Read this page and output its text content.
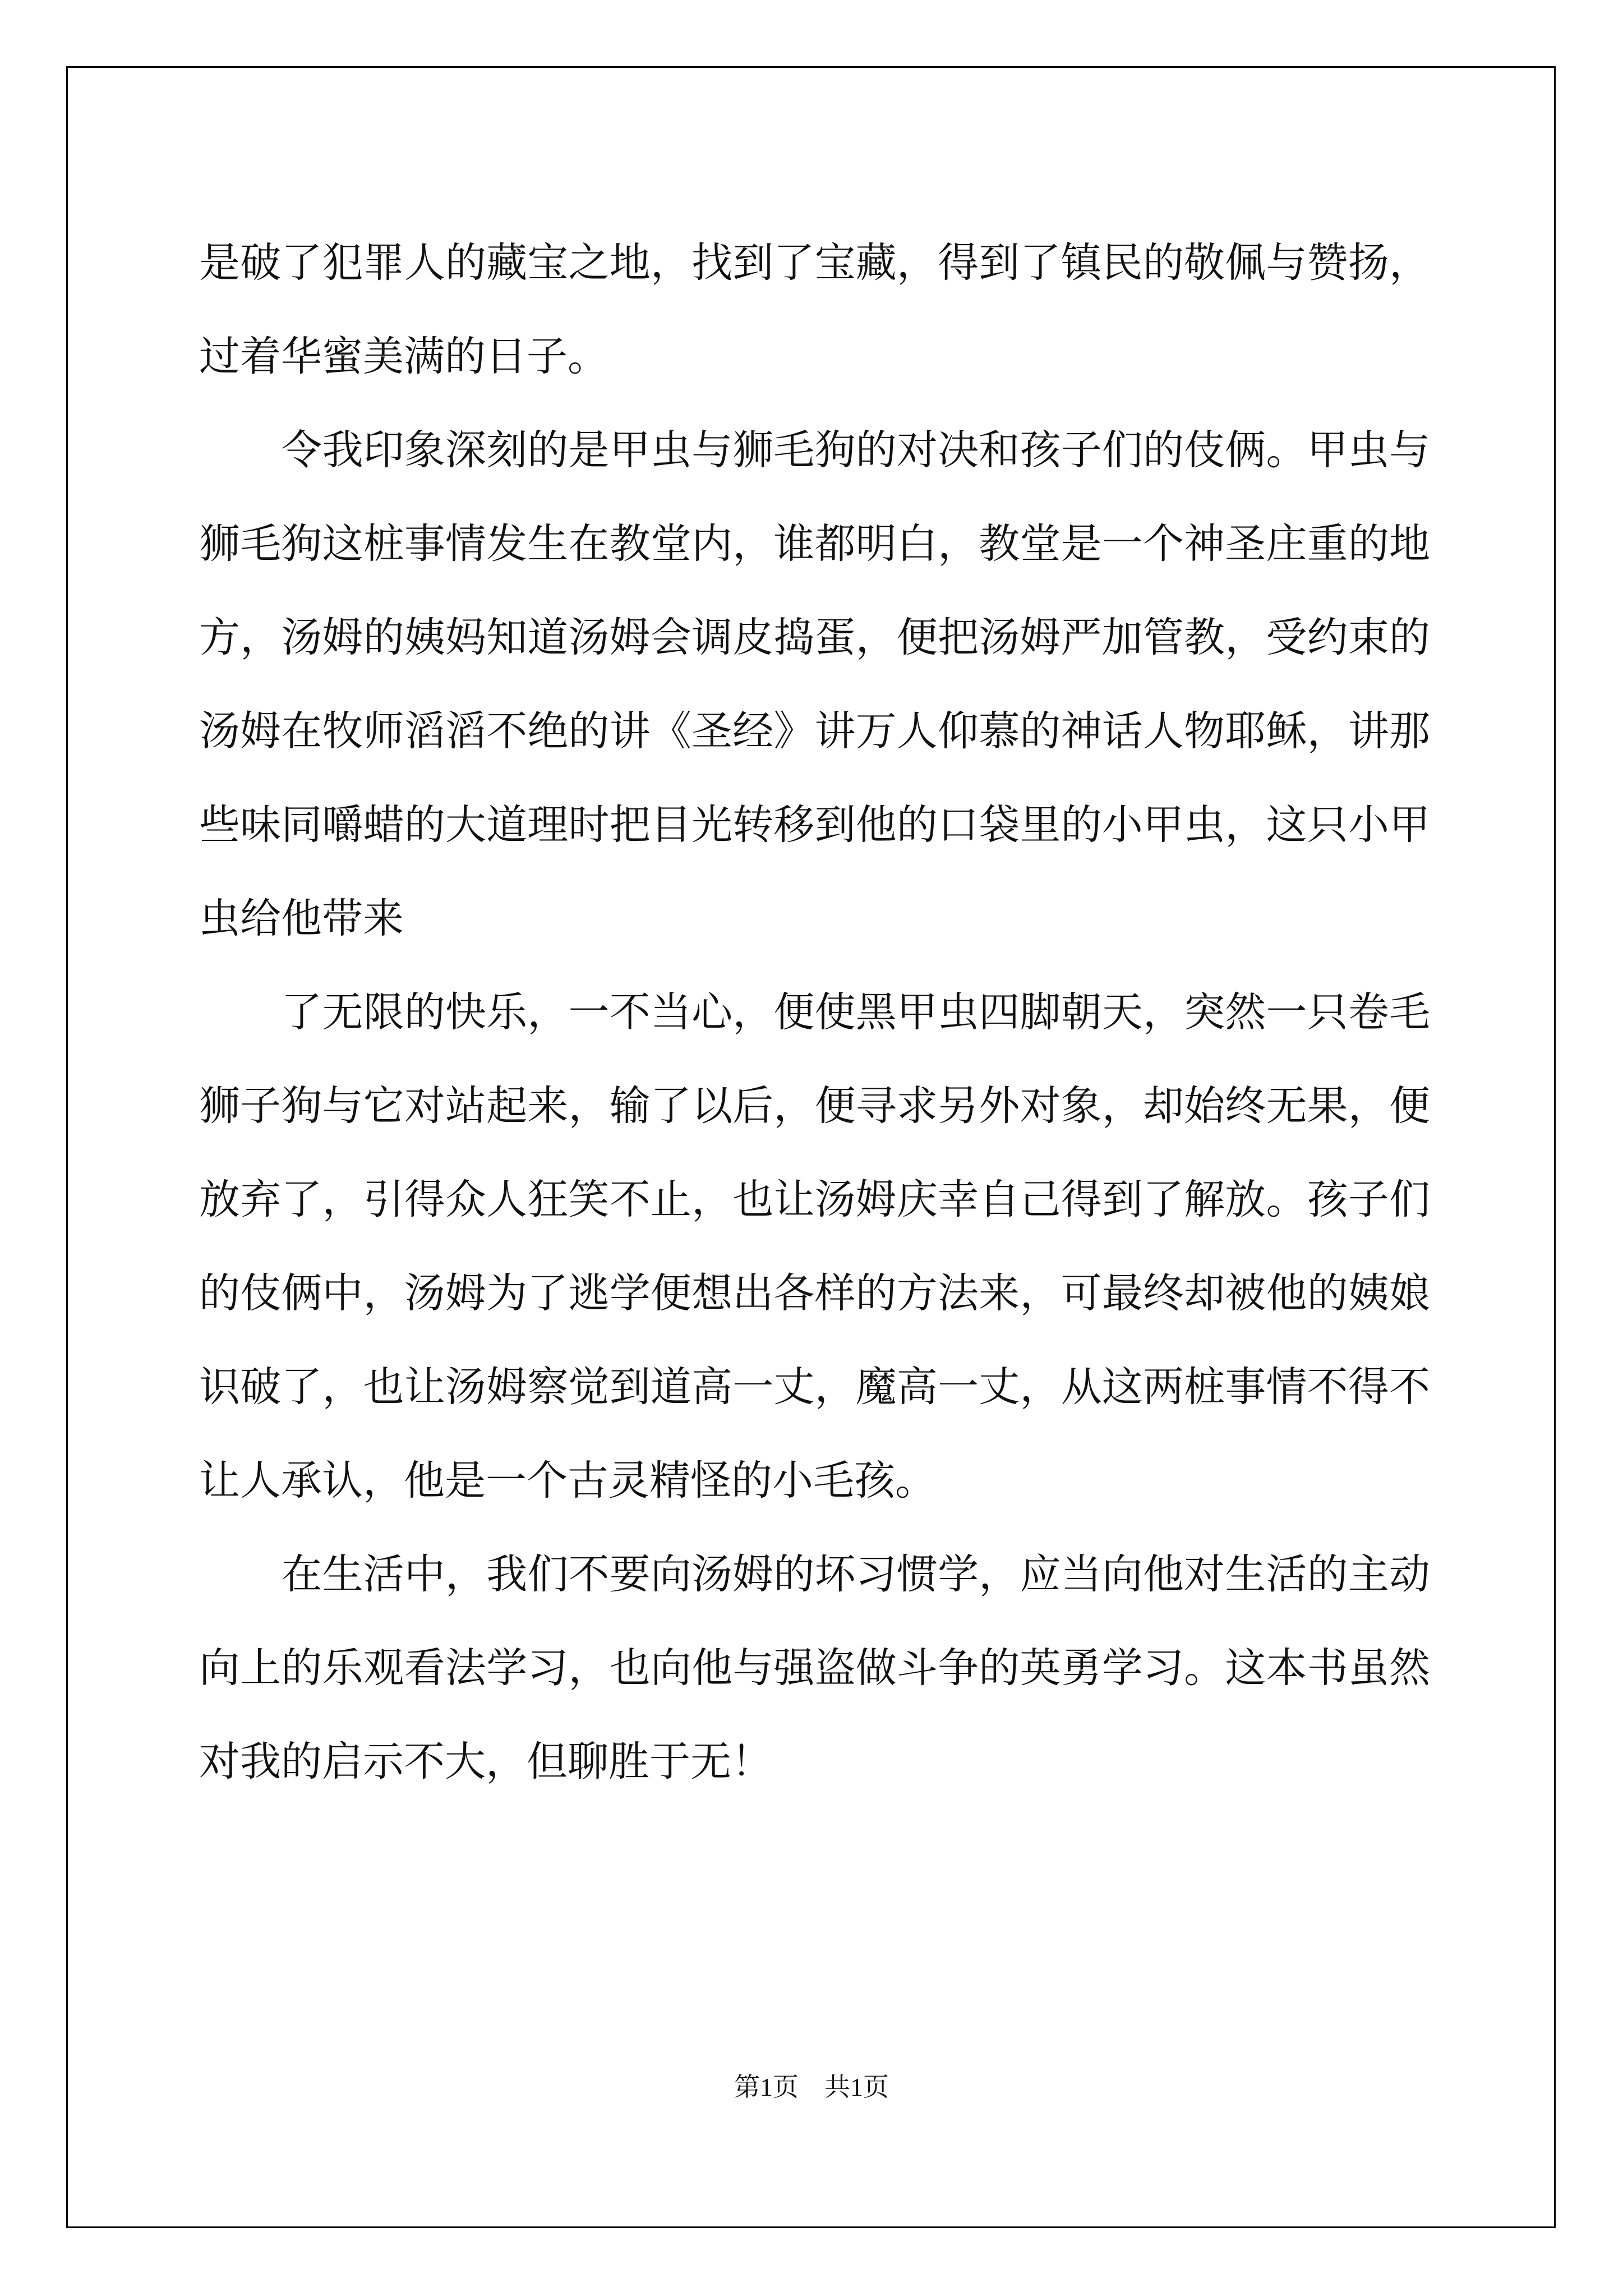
是破了犯罪人的藏宝之地，找到了宝藏，得到了镇民的敬佩与赞扬，过着华蜜美满的日子。

　　令我印象深刻的是甲虫与狮毛狗的对决和孩子们的伎俩。甲虫与狮毛狗这桩事情发生在教堂内，谁都明白，教堂是一个神圣庄重的地方，汤姆的姨妈知道汤姆会调皮捣蛋，便把汤姆严加管教，受约束的汤姆在牧师滔滔不绝的讲《圣经》讲万人仰慕的神话人物耶稣，讲那些味同嚼蜡的大道理时把目光转移到他的口袋里的小甲虫，这只小甲虫给他带来

　　了无限的快乐，一不当心，便使黑甲虫四脚朝天，突然一只卷毛狮子狗与它对站起来，输了以后，便寻求另外对象，却始终无果，便放弃了，引得众人狂笑不止，也让汤姆庆幸自己得到了解放。孩子们的伎俩中，汤姆为了逃学便想出各样的方法来，可最终却被他的姨娘识破了，也让汤姆察觉到道高一丈，魔高一丈，从这两桩事情不得不让人承认，他是一个古灵精怪的小毛孩。

　　在生活中，我们不要向汤姆的坏习惯学，应当向他对生活的主动向上的乐观看法学习，也向他与强盗做斗争的英勇学习。这本书虽然对我的启示不大，但聊胜于无！

第1页　共1页
